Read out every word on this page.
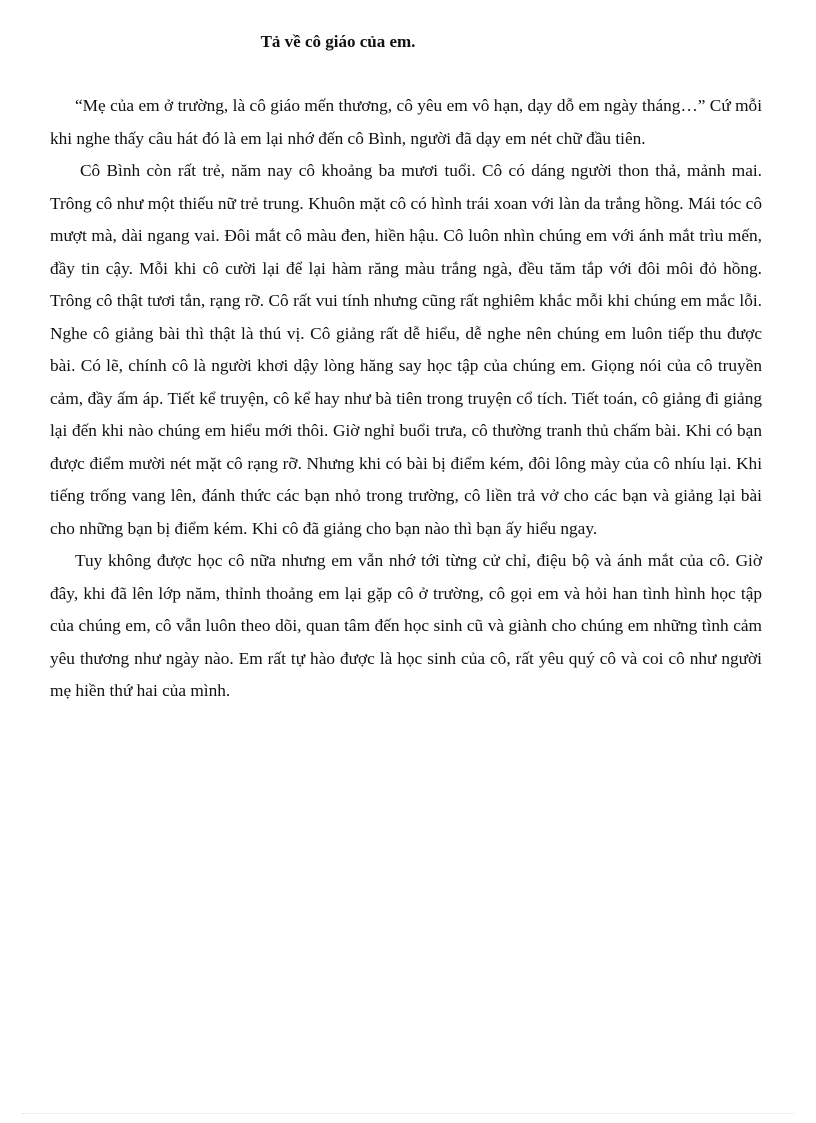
Tả về cô giáo của em.

“Mẹ của em ở trường, là cô giáo mến thương, cô yêu em vô hạn, dạy dỗ em ngày tháng…” Cứ mỗi khi nghe thấy câu hát đó là em lại nhớ đến cô Bình, người đã dạy em nét chữ đầu tiên.

Cô Bình còn rất trẻ, năm nay cô khoảng ba mươi tuổi. Cô có dáng người thon thả, mảnh mai. Trông cô như một thiếu nữ trẻ trung. Khuôn mặt cô có hình trái xoan với làn da trắng hồng. Mái tóc cô mượt mà, dài ngang vai. Đôi mắt cô màu đen, hiền hậu. Cô luôn nhìn chúng em với ánh mắt trìu mến, đầy tin cậy. Mỗi khi cô cười lại để lại hàm răng màu trắng ngà, đều tăm tắp với đôi môi đỏ hồng. Trông cô thật tươi tắn, rạng rỡ. Cô rất vui tính nhưng cũng rất nghiêm khắc mỗi khi chúng em mắc lỗi. Nghe cô giảng bài thì thật là thú vị. Cô giảng rất dễ hiểu, dễ nghe nên chúng em luôn tiếp thu được bài. Có lẽ, chính cô là người khơi dậy lòng hăng say học tập của chúng em. Giọng nói của cô truyền cảm, đầy ấm áp. Tiết kể truyện, cô kể hay như bà tiên trong truyện cổ tích. Tiết toán, cô giảng đi giảng lại đến khi nào chúng em hiểu mới thôi. Giờ nghỉ buổi trưa, cô thường tranh thủ chấm bài. Khi có bạn được điểm mười nét mặt cô rạng rỡ. Nhưng khi có bài bị điểm kém, đôi lông mày của cô nhíu lại. Khi tiếng trống vang lên, đánh thức các bạn nhỏ trong trường, cô liền trả vở cho các bạn và giảng lại bài cho những bạn bị điểm kém. Khi cô đã giảng cho bạn nào thì bạn ấy hiểu ngay.

Tuy không được học cô nữa nhưng em vẫn nhớ tới từng cử chỉ, điệu bộ và ánh mắt của cô. Giờ đây, khi đã lên lớp năm, thỉnh thoảng em lại gặp cô ở trường, cô gọi em và hỏi han tình hình học tập của chúng em, cô vẫn luôn theo dõi, quan tâm đến học sinh cũ và giành cho chúng em những tình cảm yêu thương như ngày nào. Em rất tự hào được là học sinh của cô, rất yêu quý cô và coi cô như người mẹ hiền thứ hai của mình.
